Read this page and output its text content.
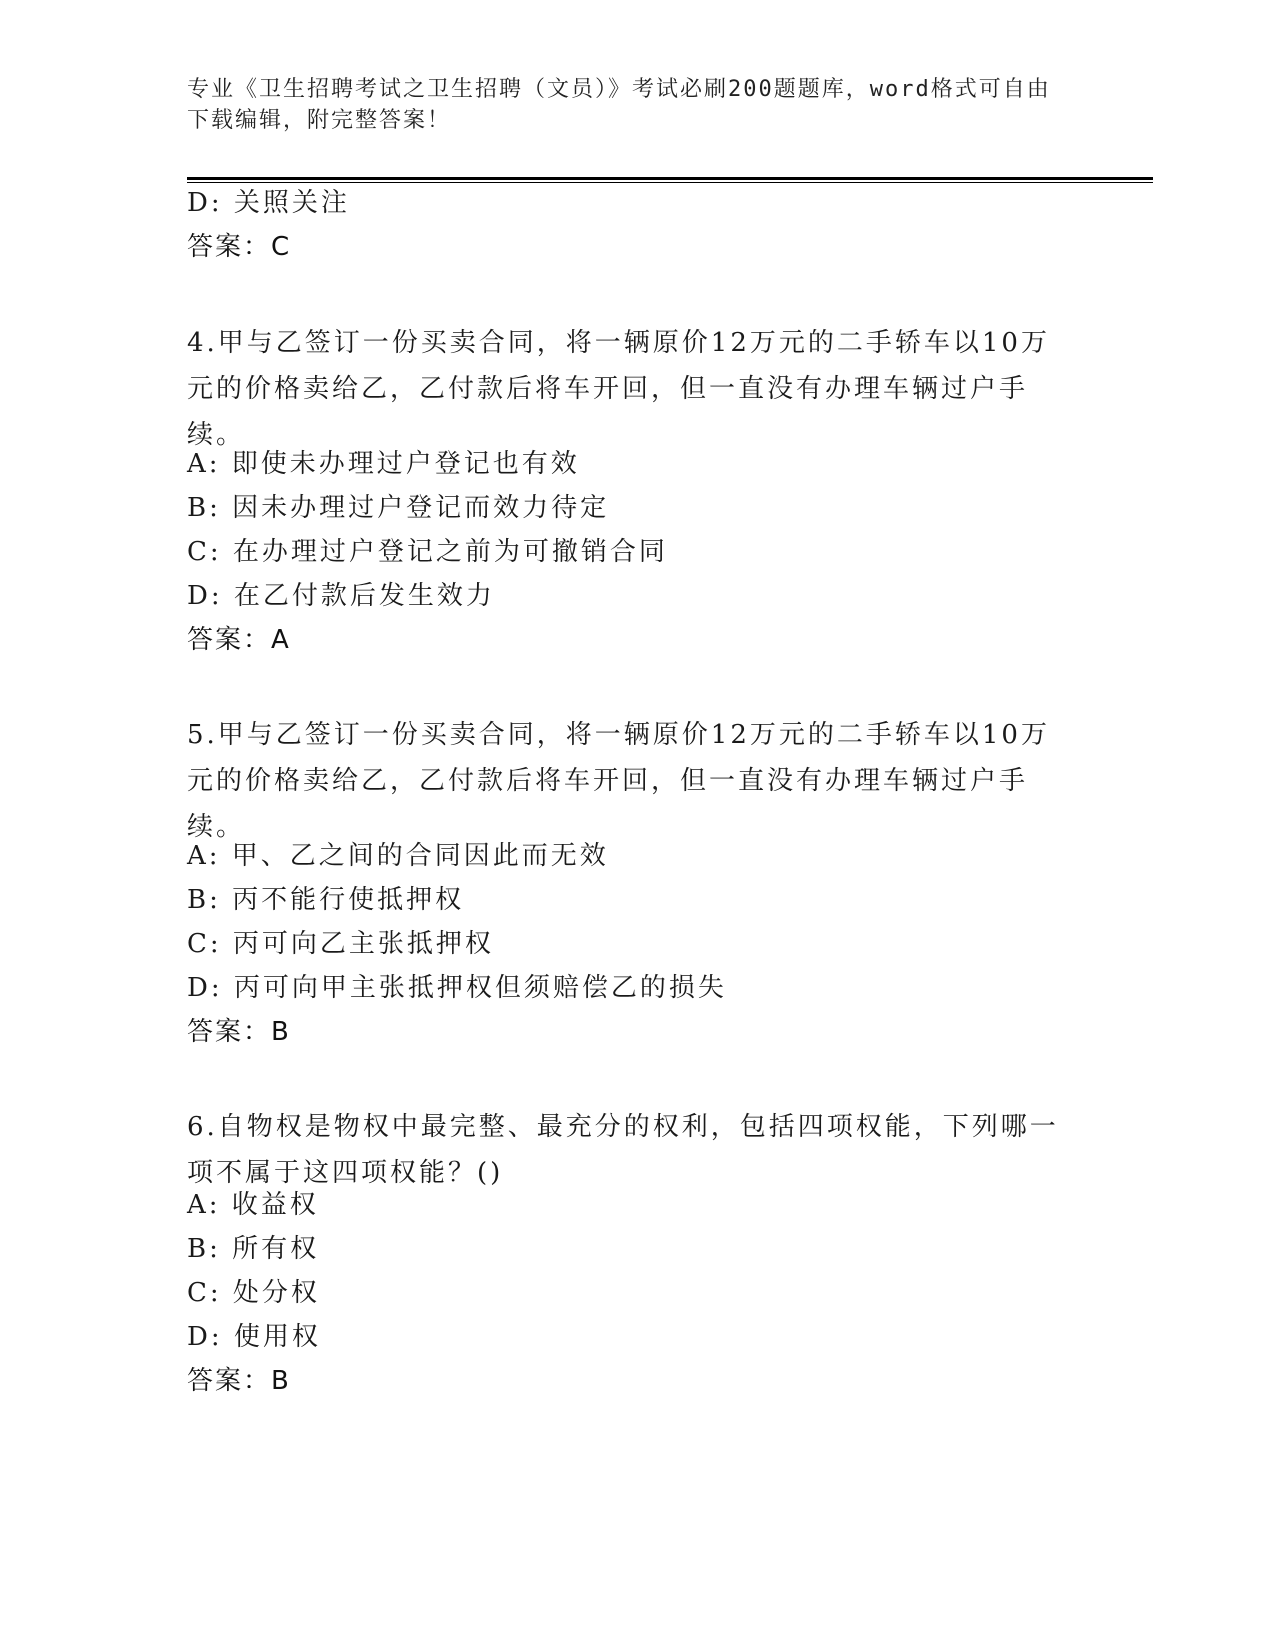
专业《卫生招聘考试之卫生招聘（文员）》考试必刷200题题库，word格式可自由下载编辑，附完整答案！
D: 关照关注
答案：C
4.甲与乙签订一份买卖合同，将一辆原价12万元的二手轿车以10万元的价格卖给乙，乙付款后将车开回，但一直没有办理车辆过户手续。
A: 即使未办理过户登记也有效
B: 因未办理过户登记而效力待定
C: 在办理过户登记之前为可撤销合同
D: 在乙付款后发生效力
答案：A
5.甲与乙签订一份买卖合同，将一辆原价12万元的二手轿车以10万元的价格卖给乙，乙付款后将车开回，但一直没有办理车辆过户手续。
A: 甲、乙之间的合同因此而无效
B: 丙不能行使抵押权
C: 丙可向乙主张抵押权
D: 丙可向甲主张抵押权但须赔偿乙的损失
答案：B
6.自物权是物权中最完整、最充分的权利，包括四项权能，下列哪一项不属于这四项权能？()
A: 收益权
B: 所有权
C: 处分权
D: 使用权
答案：B
